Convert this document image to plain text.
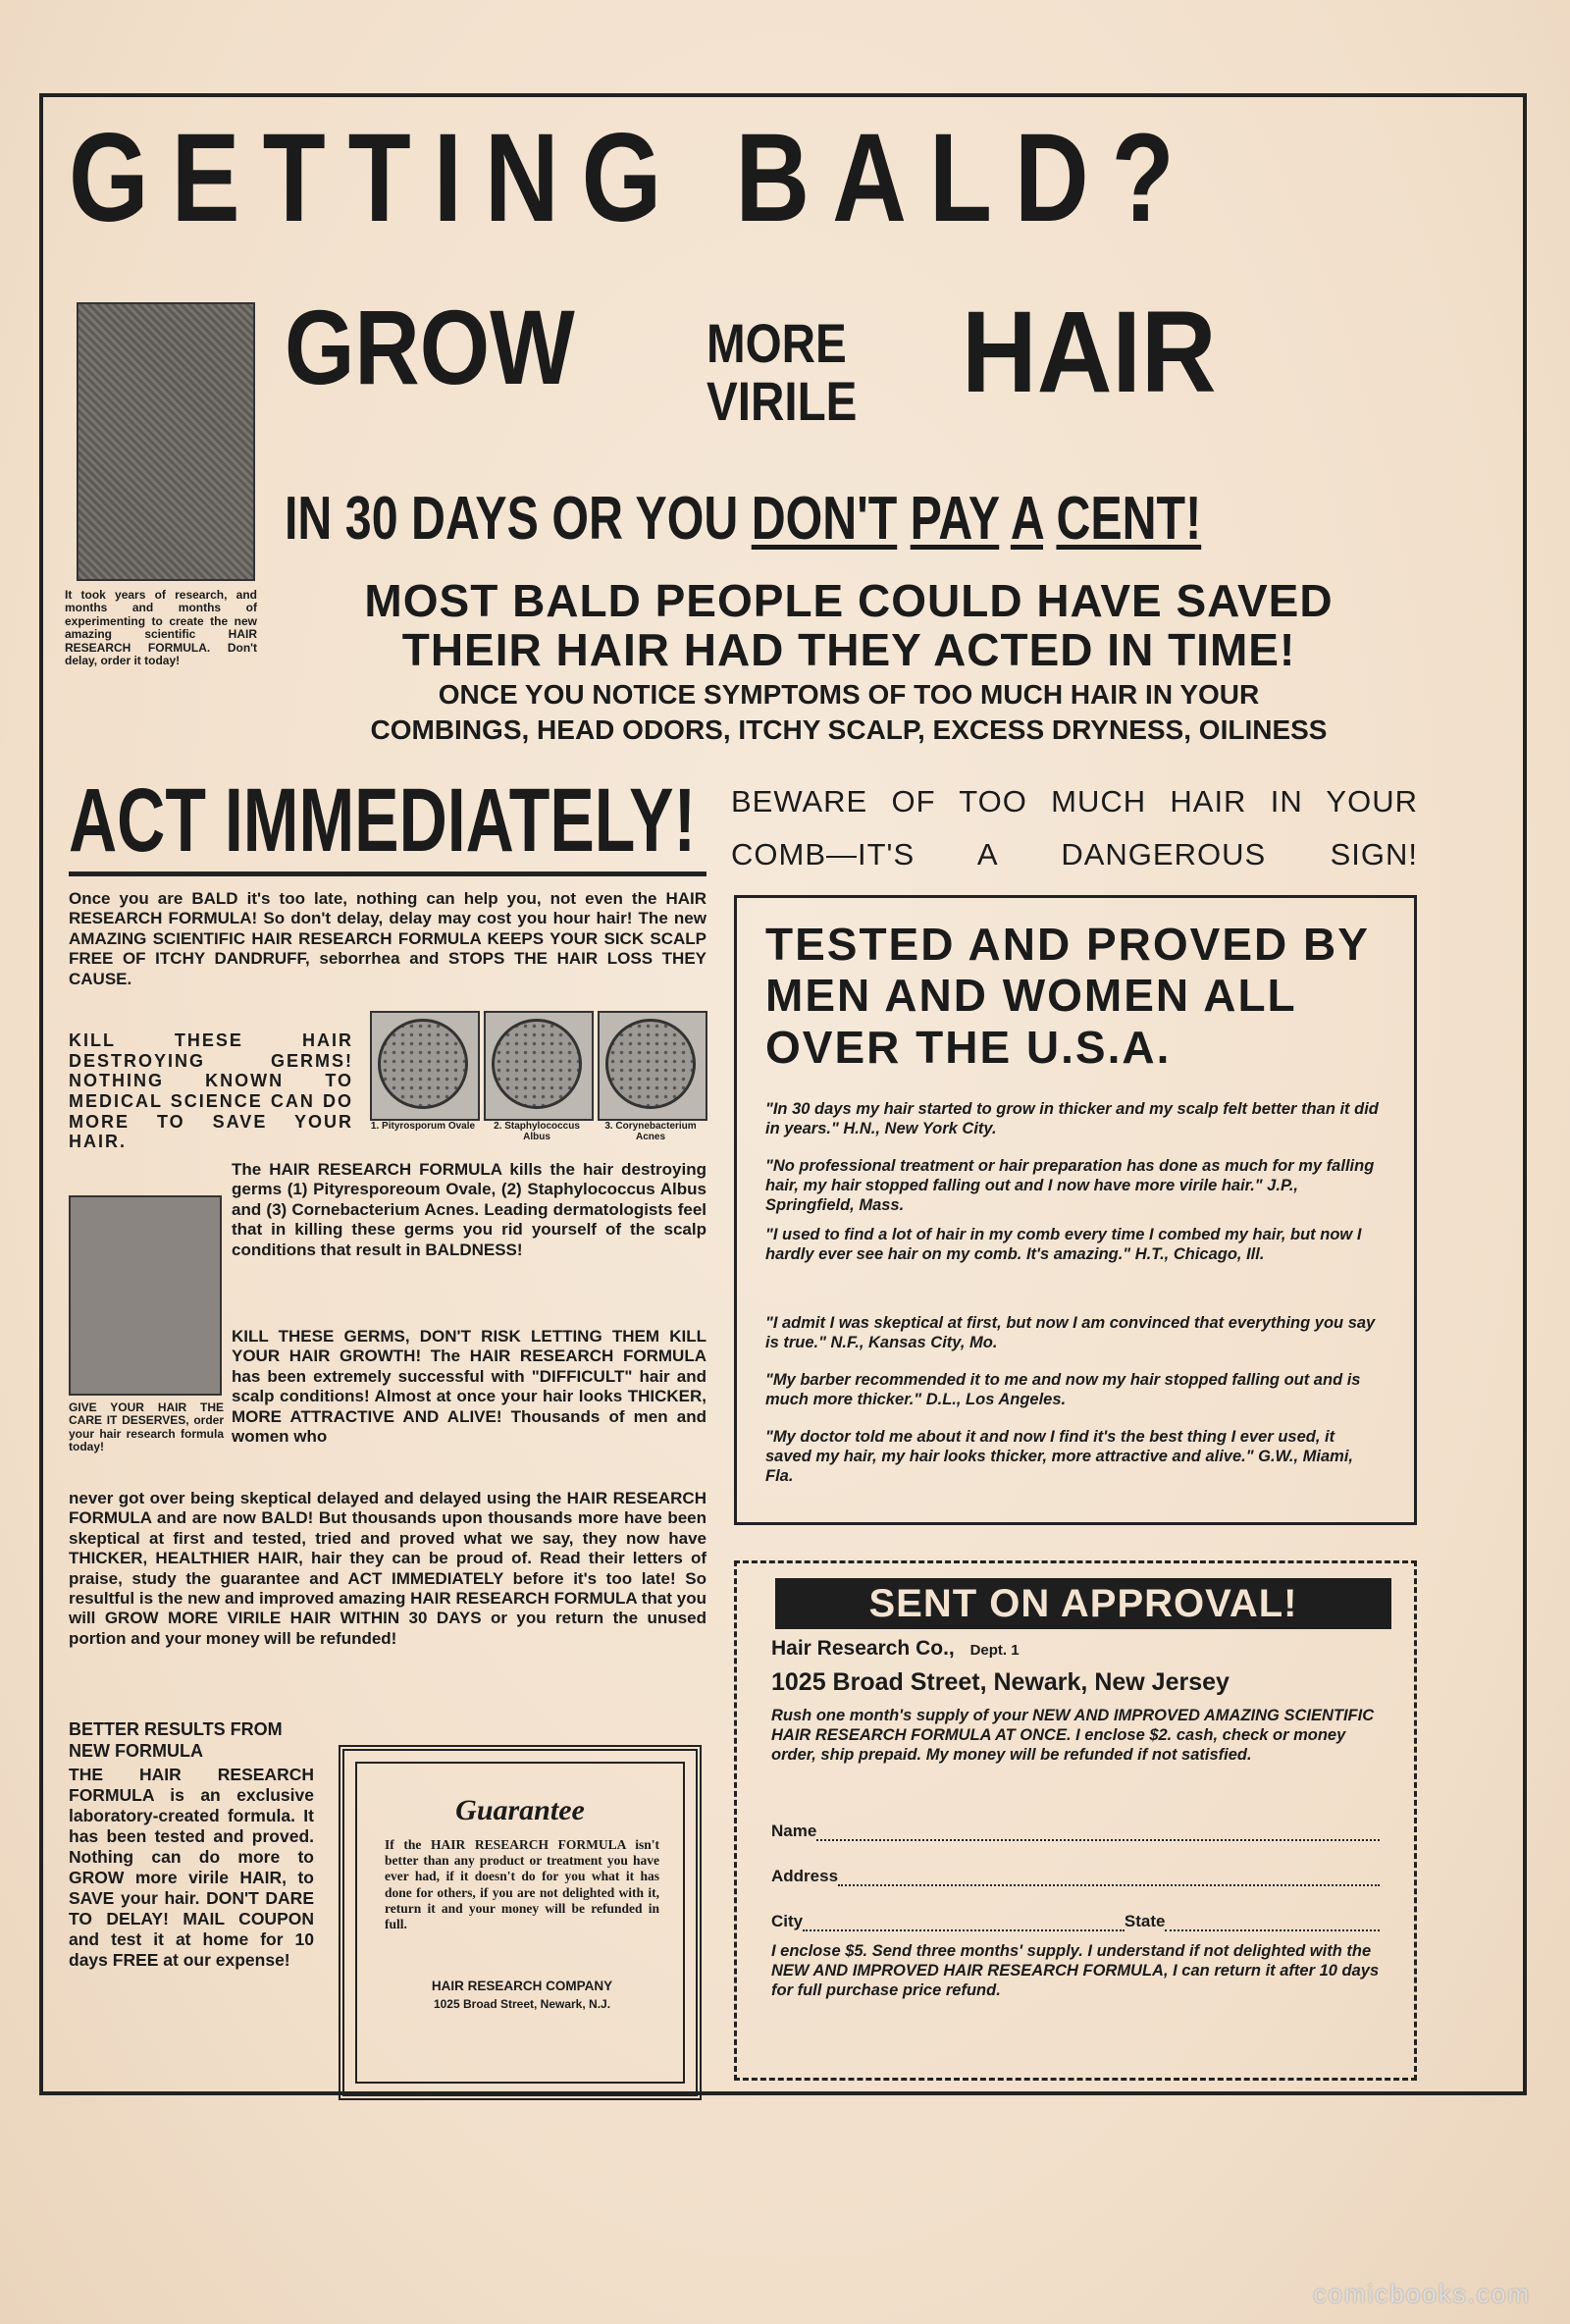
GETTING BALD?
It took years of research, and months and months of experimenting to create the new amazing scientific HAIR RESEARCH FORMULA. Don't delay, order it today!
GROW MORE
VIRILE HAIR
IN 30 DAYS OR YOU DON'T PAY A CENT!
MOST BALD PEOPLE COULD HAVE SAVED
THEIR HAIR HAD THEY ACTED IN TIME!
ONCE YOU NOTICE SYMPTOMS OF TOO MUCH HAIR IN YOUR
COMBINGS, HEAD ODORS, ITCHY SCALP, EXCESS DRYNESS, OILINESS
ACT IMMEDIATELY! BEWARE OF TOO MUCH HAIR IN YOUR
COMB—IT'S A DANGEROUS SIGN!
Once you are BALD it's too late, nothing can help you, not even the HAIR RESEARCH FORMULA! So don't delay, delay may cost you hour hair! The new AMAZING SCIENTIFIC HAIR RESEARCH FORMULA KEEPS YOUR SICK SCALP FREE OF ITCHY DANDRUFF, seborrhea and STOPS THE HAIR LOSS THEY CAUSE.
KILL THESE HAIR DESTROYING GERMS! NOTHING KNOWN TO MEDICAL SCIENCE CAN DO MORE TO SAVE YOUR HAIR.
1. Pityrosporum Ovale	2. Staphylococcus Albus
3. Corynebacterium Acnes
GIVE YOUR HAIR THE CARE IT DESERVES, order your hair research formula today!
The HAIR RESEARCH FORMULA kills the hair destroying germs (1) Pityresporeoum Ovale, (2) Staphylococcus Albus and (3) Cornebacterium Acnes. Leading dermatologists feel that in killing these germs you rid yourself of the scalp conditions that result in BALDNESS!
KILL THESE GERMS, DON'T RISK LETTING THEM KILL YOUR HAIR GROWTH! The HAIR RESEARCH FORMULA has been extremely successful with "DIFFICULT" hair and scalp conditions! Almost at once your hair looks THICKER, MORE ATTRACTIVE AND ALIVE! Thousands of men and women who
never got over being skeptical delayed and delayed using the HAIR RESEARCH FORMULA and are now BALD! But thousands upon thousands more have been skeptical at first and tested, tried and proved what we say, they now have THICKER, HEALTHIER HAIR, hair they can be proud of. Read their letters of praise, study the guarantee and ACT IMMEDIATELY before it's too late! So resultful is the new and improved amazing HAIR RESEARCH FORMULA that you will GROW MORE VIRILE HAIR WITHIN 30 DAYS or you return the unused portion and your money will be refunded!
BETTER RESULTS FROM NEW FORMULA
THE HAIR RESEARCH FORMULA is an exclusive laboratory-created formula. It has been tested and proved. Nothing can do more to GROW more virile HAIR, to SAVE your hair. DON'T DARE TO DELAY! MAIL COUPON and test it at home for 10 days FREE at our expense!
Guarantee
If the HAIR RESEARCH FORMULA isn't better than any product or treatment you have ever had, if it doesn't do for you what it has done for others, if you are not delighted with it, return it and your money will be refunded in full.
HAIR RESEARCH COMPANY
1025 Broad Street, Newark, N.J.
TESTED AND PROVED BY MEN AND WOMEN ALL OVER THE U.S.A.
"In 30 days my hair started to grow in thicker and my scalp felt better than it did in years." H.N., New York City.
"No professional treatment or hair preparation has done as much for my falling hair, my hair stopped falling out and I now have more virile hair." J.P., Springfield, Mass.
"I used to find a lot of hair in my comb every time I combed my hair, but now I hardly ever see hair on my comb. It's amazing." H.T., Chicago, Ill.
"I admit I was skeptical at first, but now I am convinced that everything you say is true." N.F., Kansas City, Mo.
"My barber recommended it to me and now my hair stopped falling out and is much more thicker." D.L., Los Angeles.
"My doctor told me about it and now I find it's the best thing I ever used, it saved my hair, my hair looks thicker, more attractive and alive." G.W., Miami, Fla.
SENT ON APPROVAL!
Hair Research Co., Dept. 1
1025 Broad Street, Newark, New Jersey
Rush one month's supply of your NEW AND IMPROVED AMAZING SCIENTIFIC HAIR RESEARCH FORMULA AT ONCE. I enclose $2. cash, check or money order, ship prepaid. My money will be refunded if not satisfied.
Name
Address
City	State
I enclose $5. Send three months' supply. I understand if not delighted with the NEW AND IMPROVED HAIR RESEARCH FORMULA, I can return it after 10 days for full purchase price refund.
comicbooks.com
